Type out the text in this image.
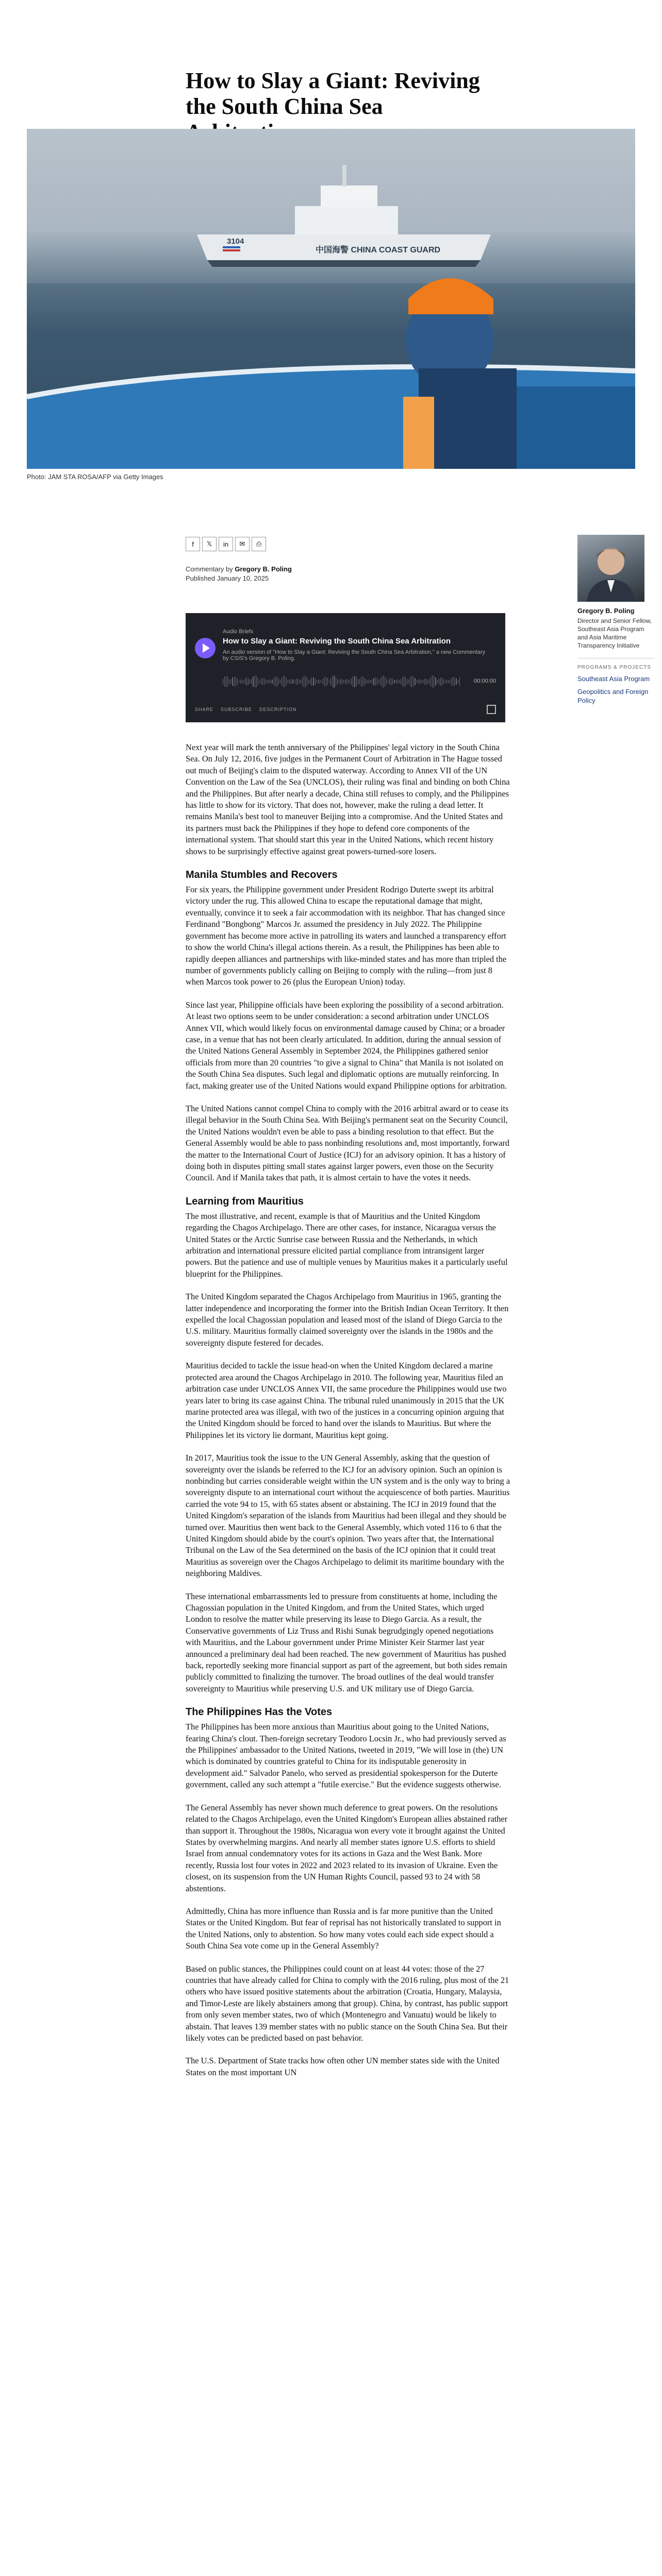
How to Slay a Giant: Reviving the South China Sea
3104
中国海警 CHINA COAST GUARD
Photo: JAM STA ROSA/AFP via Getty Images
f	𝕏	in	✉	⎙
Commentary by Gregory B. Poling
Published January 10, 2025
Gregory B. Poling
Director and Senior Fellow, Southeast Asia Program and Asia Maritime Transparency Initiative
PROGRAMS & PROJECTS
Southeast Asia Program
Geopolitics and Foreign Policy
Audio Briefs
How to Slay a Giant: Reviving the South China Sea Arbitration
An audio version of "How to Slay a Giant: Reviving the South China Sea Arbitration," a new Commentary by CSIS's Gregory B. Poling.
00:00:00
SHARE SUBSCRIBE DESCRIPTION

Next year will mark the tenth anniversary of the Philippines' legal victory in the South China Sea. On July 12, 2016, five judges in the Permanent Court of Arbitration in The Hague tossed out much of Beijing's claim to the disputed waterway. According to Annex VII of the UN Convention on the Law of the Sea (UNCLOS), their ruling was final and binding on both China and the Philippines. But after nearly a decade, China still refuses to comply, and the Philippines has little to show for its victory. That does not, however, make the ruling a dead letter. It remains Manila's best tool to maneuver Beijing into a compromise. And the United States and its partners must back the Philippines if they hope to defend core components of the international system. That should start this year in the United Nations, which recent history shows to be surprisingly effective against great powers-turned-sore losers.

Manila Stumbles and Recovers

For six years, the Philippine government under President Rodrigo Duterte swept its arbitral victory under the rug. This allowed China to escape the reputational damage that might, eventually, convince it to seek a fair accommodation with its neighbor. That has changed since Ferdinand "Bongbong" Marcos Jr. assumed the presidency in July 2022. The Philippine government has become more active in patrolling its waters and launched a transparency effort to show the world China's illegal actions therein. As a result, the Philippines has been able to rapidly deepen alliances and partnerships with like-minded states and has more than tripled the number of governments publicly calling on Beijing to comply with the ruling—from just 8 when Marcos took power to 26 (plus the European Union) today.

Since last year, Philippine officials have been exploring the possibility of a second arbitration. At least two options seem to be under consideration: a second arbitration under UNCLOS Annex VII, which would likely focus on environmental damage caused by China; or a broader case, in a venue that has not been clearly articulated. In addition, during the annual session of the United Nations General Assembly in September 2024, the Philippines gathered senior officials from more than 20 countries "to give a signal to China" that Manila is not isolated on the South China Sea disputes. Such legal and diplomatic options are mutually reinforcing. In fact, making greater use of the United Nations would expand Philippine options for arbitration.

The United Nations cannot compel China to comply with the 2016 arbitral award or to cease its illegal behavior in the South China Sea. With Beijing's permanent seat on the Security Council, the United Nations wouldn't even be able to pass a binding resolution to that effect. But the General Assembly would be able to pass nonbinding resolutions and, most importantly, forward the matter to the International Court of Justice (ICJ) for an advisory opinion. It has a history of doing both in disputes pitting small states against larger powers, even those on the Security Council. And if Manila takes that path, it is almost certain to have the votes it needs.

Learning from Mauritius

The most illustrative, and recent, example is that of Mauritius and the United Kingdom regarding the Chagos Archipelago. There are other cases, for instance, Nicaragua versus the United States or the Arctic Sunrise case between Russia and the Netherlands, in which arbitration and international pressure elicited partial compliance from intransigent larger powers. But the patience and use of multiple venues by Mauritius makes it a particularly useful blueprint for the Philippines.

The United Kingdom separated the Chagos Archipelago from Mauritius in 1965, granting the latter independence and incorporating the former into the British Indian Ocean Territory. It then expelled the local Chagossian population and leased most of the island of Diego Garcia to the U.S. military. Mauritius formally claimed sovereignty over the islands in the 1980s and the sovereignty dispute festered for decades.

Mauritius decided to tackle the issue head-on when the United Kingdom declared a marine protected area around the Chagos Archipelago in 2010. The following year, Mauritius filed an arbitration case under UNCLOS Annex VII, the same procedure the Philippines would use two years later to bring its case against China. The tribunal ruled unanimously in 2015 that the UK marine protected area was illegal, with two of the justices in a concurring opinion arguing that the United Kingdom should be forced to hand over the islands to Mauritius. But where the Philippines let its victory lie dormant, Mauritius kept going.

In 2017, Mauritius took the issue to the UN General Assembly, asking that the question of sovereignty over the islands be referred to the ICJ for an advisory opinion. Such an opinion is nonbinding but carries considerable weight within the UN system and is the only way to bring a sovereignty dispute to an international court without the acquiescence of both parties. Mauritius carried the vote 94 to 15, with 65 states absent or abstaining. The ICJ in 2019 found that the United Kingdom's separation of the islands from Mauritius had been illegal and they should be turned over. Mauritius then went back to the General Assembly, which voted 116 to 6 that the United Kingdom should abide by the court's opinion. Two years after that, the International Tribunal on the Law of the Sea determined on the basis of the ICJ opinion that it could treat Mauritius as sovereign over the Chagos Archipelago to delimit its maritime boundary with the neighboring Maldives.

These international embarrassments led to pressure from constituents at home, including the Chagossian population in the United Kingdom, and from the United States, which urged London to resolve the matter while preserving its lease to Diego Garcia. As a result, the Conservative governments of Liz Truss and Rishi Sunak begrudgingly opened negotiations with Mauritius, and the Labour government under Prime Minister Keir Starmer last year announced a preliminary deal had been reached. The new government of Mauritius has pushed back, reportedly seeking more financial support as part of the agreement, but both sides remain publicly committed to finalizing the turnover. The broad outlines of the deal would transfer sovereignty to Mauritius while preserving U.S. and UK military use of Diego Garcia.

The Philippines Has the Votes

The Philippines has been more anxious than Mauritius about going to the United Nations, fearing China's clout. Then-foreign secretary Teodoro Locsin Jr., who had previously served as the Philippines' ambassador to the United Nations, tweeted in 2019, "We will lose in (the) UN which is dominated by countries grateful to China for its indisputable generosity in development aid." Salvador Panelo, who served as presidential spokesperson for the Duterte government, called any such attempt a "futile exercise." But the evidence suggests otherwise.

The General Assembly has never shown much deference to great powers. On the resolutions related to the Chagos Archipelago, even the United Kingdom's European allies abstained rather than support it. Throughout the 1980s, Nicaragua won every vote it brought against the United States by overwhelming margins. And nearly all member states ignore U.S. efforts to shield Israel from annual condemnatory votes for its actions in Gaza and the West Bank. More recently, Russia lost four votes in 2022 and 2023 related to its invasion of Ukraine. Even the closest, on its suspension from the UN Human Rights Council, passed 93 to 24 with 58 abstentions.

Admittedly, China has more influence than Russia and is far more punitive than the United States or the United Kingdom. But fear of reprisal has not historically translated to support in the United Nations, only to abstention. So how many votes could each side expect should a South China Sea vote come up in the General Assembly?

Based on public stances, the Philippines could count on at least 44 votes: those of the 27 countries that have already called for China to comply with the 2016 ruling, plus most of the 21 others who have issued positive statements about the arbitration (Croatia, Hungary, Malaysia, and Timor-Leste are likely abstainers among that group). China, by contrast, has public support from only seven member states, two of which (Montenegro and Vanuatu) would be likely to abstain. That leaves 139 member states with no public stance on the South China Sea. But their likely votes can be predicted based on past behavior.

The U.S. Department of State tracks how often other UN member states side with the United States on the most important UN
